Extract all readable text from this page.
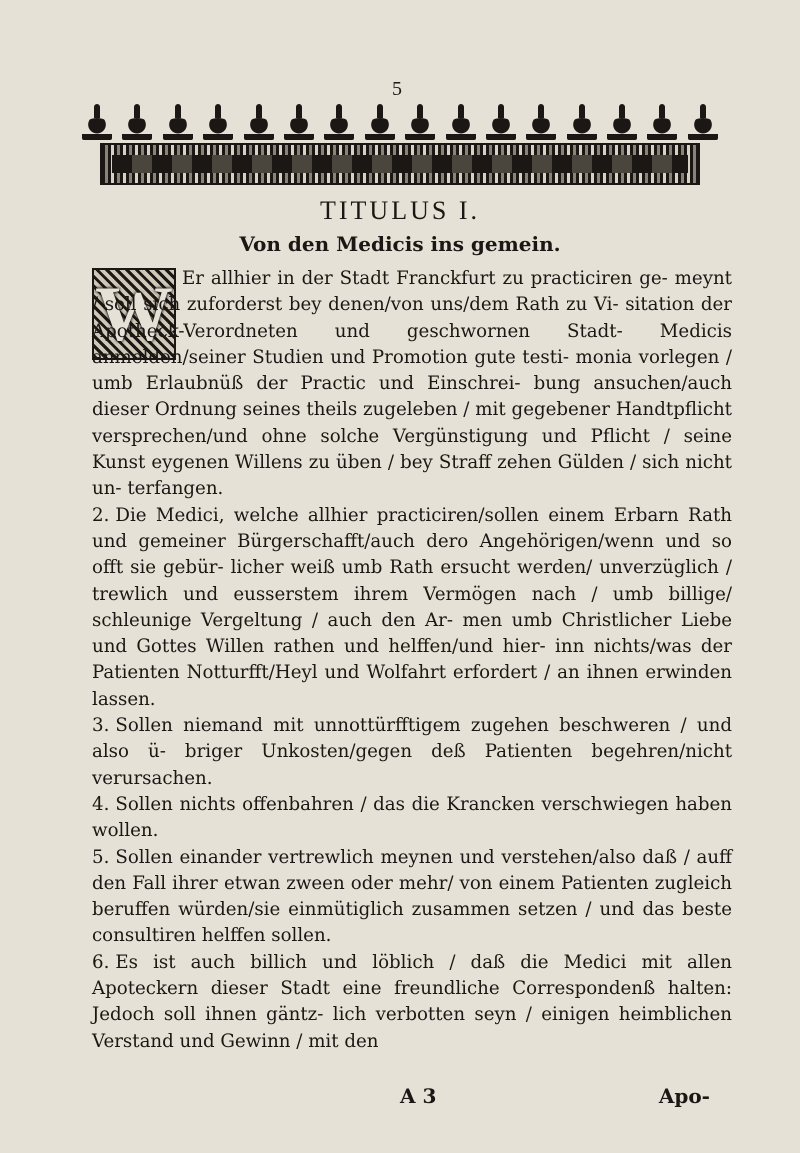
5
TITULUS I.
Von den Medicis ins gemein.
W Er allhier in der Stadt Franckfurt zu practiciren ge- meynt / soll sich zuforderst bey denen/von uns/dem Rath zu Vi- sitation der Apotheck-Verordneten und geschwornen Stadt- Medicis anmelden/seiner Studien und Promotion gute testi- monia vorlegen / umb Erlaubnüß der Practic und Einschrei- bung ansuchen/auch dieser Ordnung seines theils zugeleben / mit gegebener Handtpflicht versprechen/und ohne solche Vergünstigung und Pflicht / seine Kunst eygenen Willens zu üben / bey Straff zehen Gülden / sich nicht un- terfangen.

2. Die Medici, welche allhier practiciren/sollen einem Erbarn Rath und gemeiner Bürgerschafft/auch dero Angehörigen/wenn und so offt sie gebür- licher weiß umb Rath ersucht werden/ unverzüglich / trewlich und eusserstem ihrem Vermögen nach / umb billige/ schleunige Vergeltung / auch den Ar- men umb Christlicher Liebe und Gottes Willen rathen und helffen/und hier- inn nichts/was der Patienten Notturfft/Heyl und Wolfahrt erfordert / an ihnen erwinden lassen.

3. Sollen niemand mit unnottürfftigem zugehen beschweren / und also ü- briger Unkosten/gegen deß Patienten begehren/nicht verursachen.

4. Sollen nichts offenbahren / das die Krancken verschwiegen haben wollen.

5. Sollen einander vertrewlich meynen und verstehen/also daß / auff den Fall ihrer etwan zween oder mehr/ von einem Patienten zugleich beruffen würden/sie einmütiglich zusammen setzen / und das beste consultiren helffen sollen.

6. Es ist auch billich und löblich / daß die Medici mit allen Apoteckern dieser Stadt eine freundliche Correspondenß halten: Jedoch soll ihnen gäntz- lich verbotten seyn / einigen heimblichen Verstand und Gewinn / mit den

A 3	Apo-
